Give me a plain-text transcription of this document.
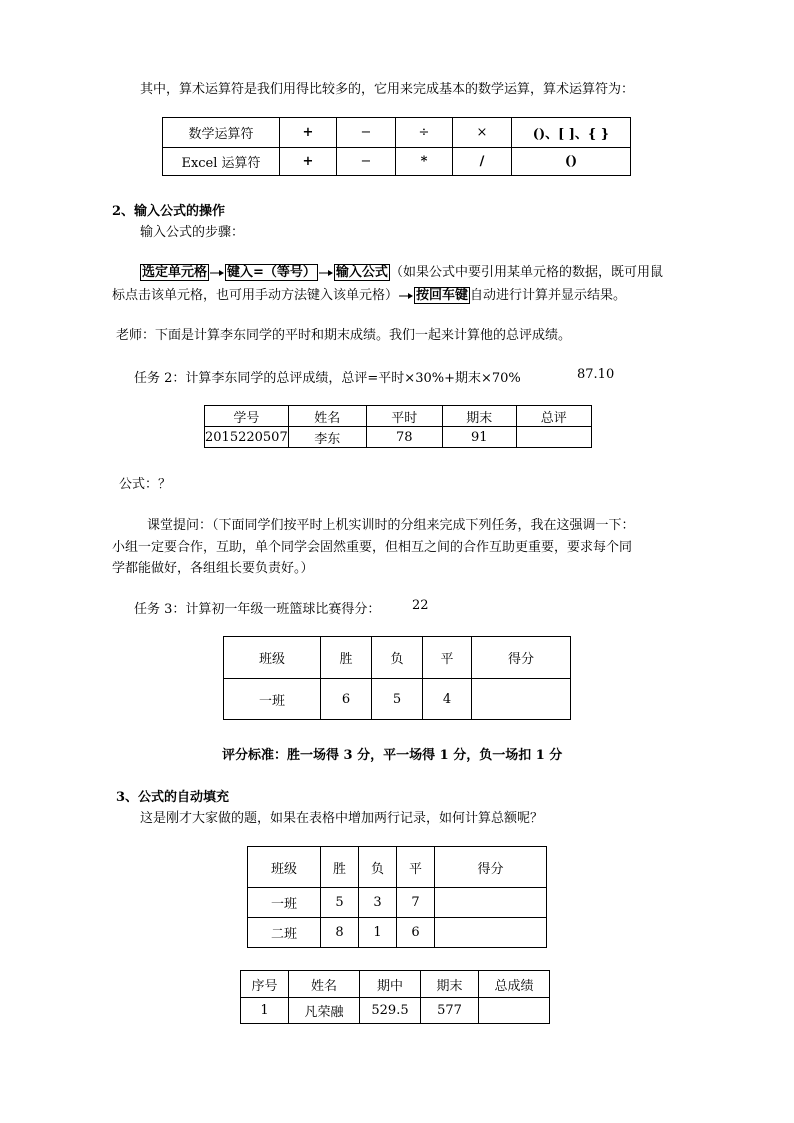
其中，算术运算符是我们用得比较多的，它用来完成基本的数学运算，算术运算符为：
数学运算符	+	−	÷	×	()、[ ]、{ }
Excel 运算符	+	−	*	/	()
2、输入公式的操作
输入公式的步骤：
选定单元格 键入=（等号） 输入公式 （如果公式中要引用某单元格的数据，既可用鼠
标点击该单元格，也可用手动方法键入该单元格） 按回车键 自动进行计算并显示结果。
老师：下面是计算李东同学的平时和期末成绩。我们一起来计算他的总评成绩。
任务 2：计算李东同学的总评成绩，总评=平时×30%+期末×70%	87.10
学号	姓名	平时	期末	总评
2015220507	李东	78	91	
公式：？
课堂提问：（下面同学们按平时上机实训时的分组来完成下列任务，我在这强调一下：
小组一定要合作，互助，单个同学会固然重要，但相互之间的合作互助更重要，要求每个同
学都能做好，各组组长要负责好。）
任务 3：计算初一年级一班篮球比赛得分： 22
班级	胜	负	平	得分
一班	6	5	4	
评分标准：胜一场得 3 分，平一场得 1 分，负一场扣 1 分
3、公式的自动填充
这是刚才大家做的题，如果在表格中增加两行记录，如何计算总额呢？
班级	胜	负	平	得分
一班	5	3	7	
二班	8	1	6	
序号	姓名	期中	期末	总成绩
1	凡荣融	529.5	577	
